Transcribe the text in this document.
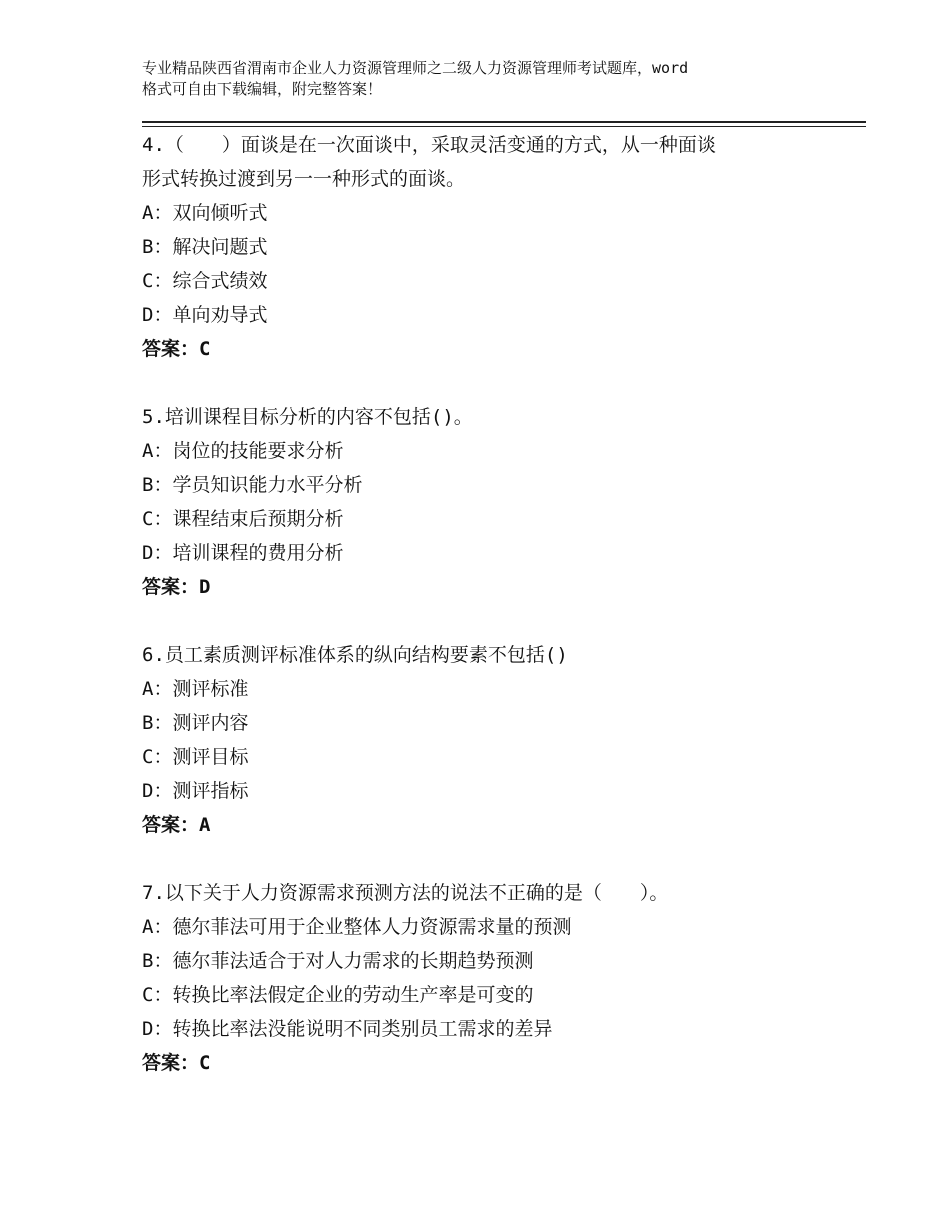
专业精品陕西省渭南市企业人力资源管理师之二级人力资源管理师考试题库，word
格式可自由下载编辑，附完整答案！
4.（　　）面谈是在一次面谈中，采取灵活变通的方式，从一种面谈
形式转换过渡到另一一种形式的面谈。
A：双向倾听式
B：解决问题式
C：综合式绩效
D：单向劝导式
答案：C
5.培训课程目标分析的内容不包括()。
A：岗位的技能要求分析
B：学员知识能力水平分析
C：课程结束后预期分析
D：培训课程的费用分析
答案：D
6.员工素质测评标准体系的纵向结构要素不包括()
A：测评标准
B：测评内容
C：测评目标
D：测评指标
答案：A
7.以下关于人力资源需求预测方法的说法不正确的是（　　）。
A：德尔菲法可用于企业整体人力资源需求量的预测
B：德尔菲法适合于对人力需求的长期趋势预测
C：转换比率法假定企业的劳动生产率是可变的
D：转换比率法没能说明不同类别员工需求的差异
答案：C
